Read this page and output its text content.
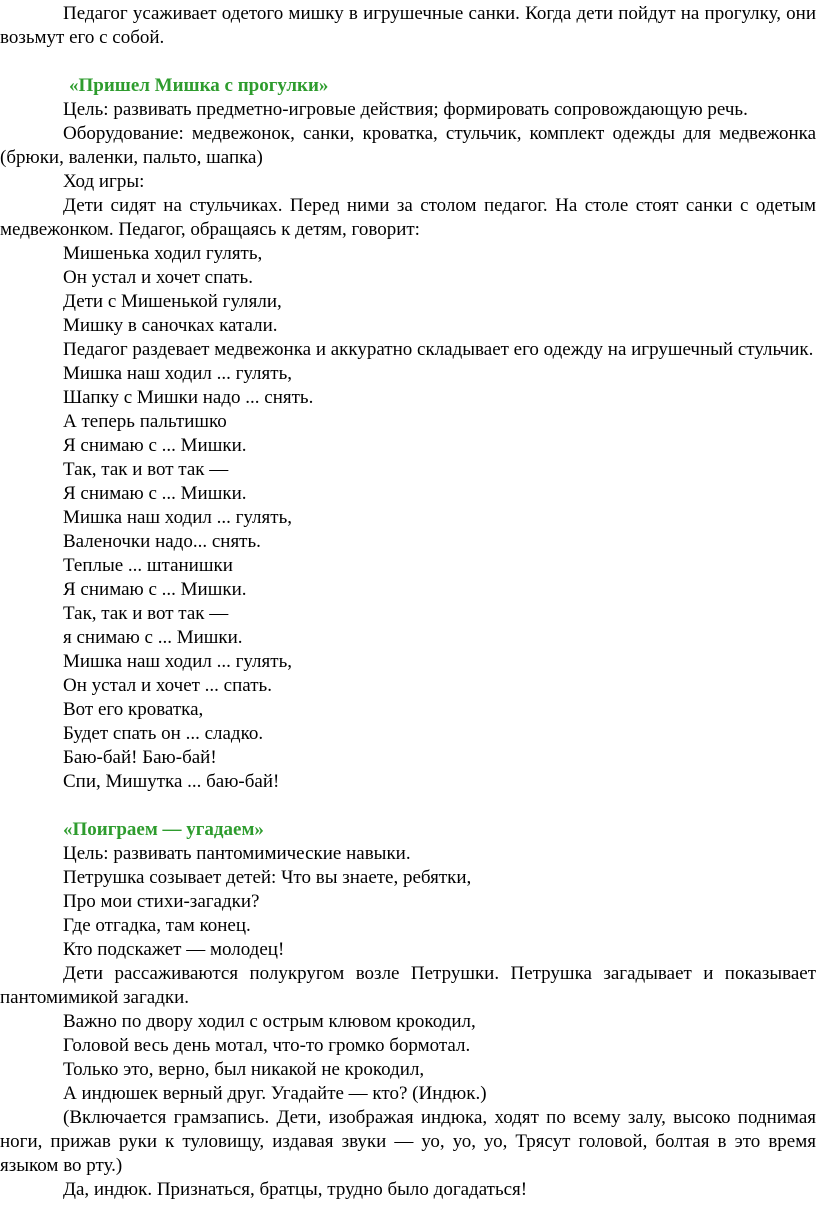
Педагог усаживает одетого мишку в игрушечные санки. Когда дети пойдут на прогулку, они возьмут его с собой.

«Пришел Мишка с прогулки»

Цель: развивать предметно-игровые действия; формировать сопровождающую речь.

Оборудование: медвежонок, санки, кроватка, стульчик, комплект одежды для медвежонка (брюки, валенки, пальто, шапка)

Ход игры:

Дети сидят на стульчиках. Перед ними за столом педагог. На столе стоят санки с одетым медвежонком. Педагог, обращаясь к детям, говорит:

Мишенька ходил гулять,

Он устал и хочет спать.

Дети с Мишенькой гуляли,

Мишку в саночках катали.

Педагог раздевает медвежонка и аккуратно складывает его одежду на игрушечный стульчик.

Мишка наш ходил ... гулять,

Шапку с Мишки надо ... снять.

А теперь пальтишко

Я снимаю с ... Мишки.

Так, так и вот так —

Я снимаю с ... Мишки.

Мишка наш ходил ... гулять,

Валеночки надо... снять.

Теплые ... штанишки

Я снимаю с ... Мишки.

Так, так и вот так —

я снимаю с ... Мишки.

Мишка наш ходил ... гулять,

Он устал и хочет ... спать.

Вот его кроватка,

Будет спать он ... сладко.

Баю-бай! Баю-бай!

Спи, Мишутка ... баю-бай!

«Поиграем — угадаем»

Цель: развивать пантомимические навыки.

Петрушка созывает детей: Что вы знаете, ребятки,

Про мои стихи-загадки?

Где отгадка, там конец.

Кто подскажет — молодец!

Дети рассаживаются полукругом возле Петрушки. Петрушка загадывает и показывает пантомимикой загадки.

Важно по двору ходил с острым клювом крокодил,

Головой весь день мотал, что-то громко бормотал.

Только это, верно, был никакой не крокодил,

А индюшек верный друг. Угадайте — кто? (Индюк.)

(Включается грамзапись. Дети, изображая индюка, ходят по всему залу, высоко поднимая ноги, прижав руки к туловищу, издавая звуки — уо, уо, уо, Трясут головой, болтая в это время языком во рту.)

Да, индюк. Признаться, братцы, трудно было догадаться!
